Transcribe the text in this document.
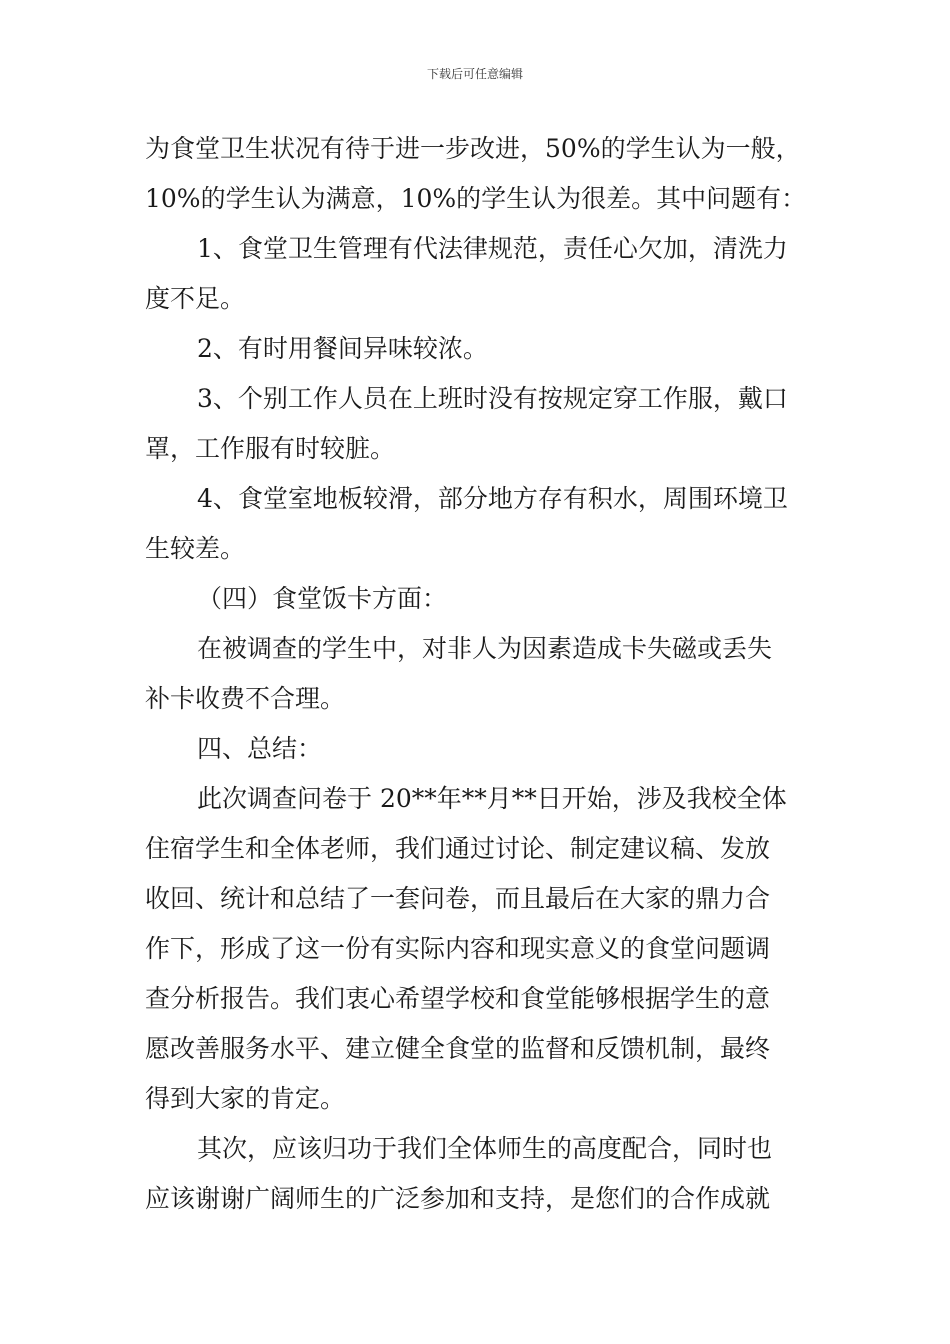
下载后可任意编辑
为食堂卫生状况有待于进一步改进，50%的学生认为一般，
10%的学生认为满意，10%的学生认为很差。其中问题有：
1、食堂卫生管理有代法律规范，责任心欠加，清洗力
度不足。
2、有时用餐间异味较浓。
3、个别工作人员在上班时没有按规定穿工作服，戴口
罩，工作服有时较脏。
4、食堂室地板较滑，部分地方存有积水，周围环境卫
生较差。
（四）食堂饭卡方面：
在被调查的学生中，对非人为因素造成卡失磁或丢失
补卡收费不合理。
四、总结：
此次调查问卷于 20**年**月**日开始，涉及我校全体
住宿学生和全体老师，我们通过讨论、制定建议稿、发放
收回、统计和总结了一套问卷，而且最后在大家的鼎力合
作下，形成了这一份有实际内容和现实意义的食堂问题调
查分析报告。我们衷心希望学校和食堂能够根据学生的意
愿改善服务水平、建立健全食堂的监督和反馈机制，最终
得到大家的肯定。
其次，应该归功于我们全体师生的高度配合，同时也
应该谢谢广阔师生的广泛参加和支持，是您们的合作成就
